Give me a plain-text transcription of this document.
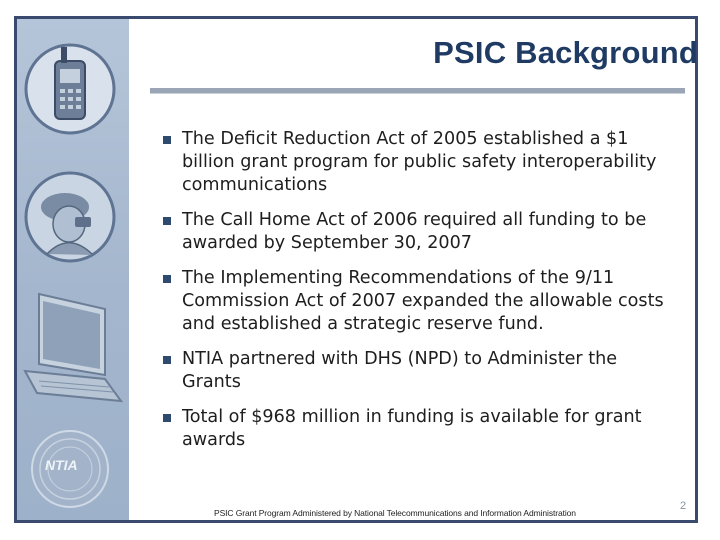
NTIA
PSIC Background
The Deficit Reduction Act of 2005 established a $1 billion grant program for public safety interoperability communications
The Call Home Act of 2006 required all funding to be awarded by September 30, 2007
The Implementing Recommendations of the 9/11 Commission Act of 2007 expanded the allowable costs and established a strategic reserve fund.
NTIA partnered with DHS (NPD) to Administer the Grants
Total of $968 million in funding is available for grant awards
PSIC Grant Program Administered by National Telecommunications and Information Administration
2
